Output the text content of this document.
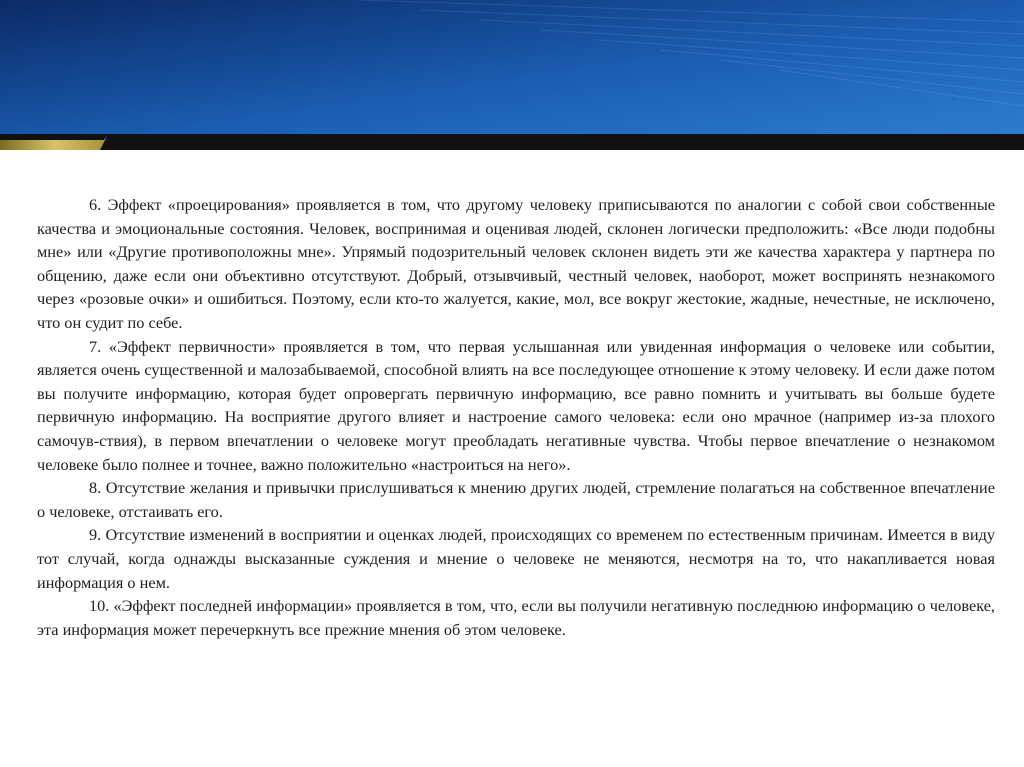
6. Эффект «проецирования» проявляется в том, что другому человеку приписываются по аналогии с собой свои собственные качества и эмоциональные состояния. Человек, воспринимая и оценивая людей, склонен логически предположить: «Все люди подобны мне» или «Другие противоположны мне». Упрямый подозрительный человек склонен видеть эти же качества характера у партнера по общению, даже если они объективно отсутствуют. Добрый, отзывчивый, честный человек, наоборот, может воспринять незнакомого через «розовые очки» и ошибиться. Поэтому, если кто-то жалуется, какие, мол, все вокруг жестокие, жадные, нечестные, не исключено, что он судит по себе.

7. «Эффект первичности» проявляется в том, что первая услышанная или увиденная информация о человеке или событии, является очень существенной и малозабываемой, способной влиять на все последующее отношение к этому человеку. И если даже потом вы получите информацию, которая будет опровергать первичную информацию, все равно помнить и учитывать вы больше будете первичную информацию. На восприятие другого влияет и настроение самого человека: если оно мрачное (например из-за плохого самочув-ствия), в первом впечатлении о человеке могут преобладать негативные чувства. Чтобы первое впечатление о незнакомом человеке было полнее и точнее, важно положительно «настроиться на него».

8. Отсутствие желания и привычки прислушиваться к мнению других людей, стремление полагаться на собственное впечатление о человеке, отстаивать его.

9. Отсутствие изменений в восприятии и оценках людей, происходящих со временем по естественным причинам. Имеется в виду тот случай, когда однажды высказанные суждения и мнение о человеке не меняются, несмотря на то, что накапливается новая информация о нем.

10. «Эффект последней информации» проявляется в том, что, если вы получили негативную последнюю информацию о человеке, эта информация может перечеркнуть все прежние мнения об этом человеке.
